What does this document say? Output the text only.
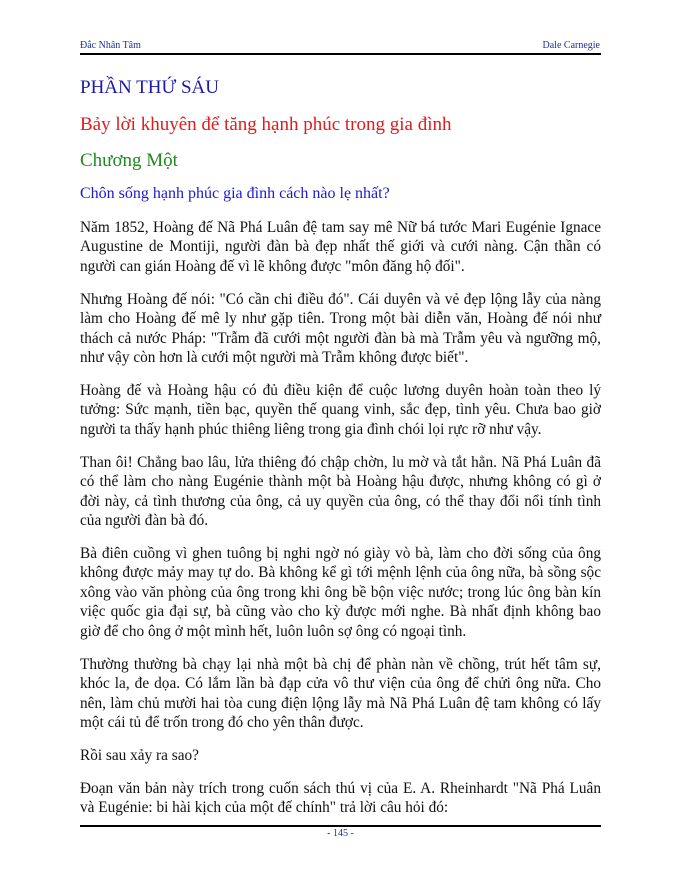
Đắc Nhân Tâm	Dale Carnegie
PHẦN THỨ SÁU
Bảy lời khuyên để tăng hạnh phúc trong gia đình
Chương Một
Chôn sống hạnh phúc gia đình cách nào lẹ nhất?

Năm 1852, Hoàng đế Nã Phá Luân đệ tam say mê Nữ bá tước Mari Eugénie Ignace Augustine de Montiji, người đàn bà đẹp nhất thế giới và cưới nàng. Cận thần có người can gián Hoàng đế vì lẽ không được "môn đăng hộ đối".

Nhưng Hoàng đế nói: "Có cần chi điều đó". Cái duyên và vẻ đẹp lộng lẫy của nàng làm cho Hoàng đế mê ly như gặp tiên. Trong một bài diễn văn, Hoàng đế nói như thách cả nước Pháp: "Trẫm đã cưới một người đàn bà mà Trẫm yêu và ngưỡng mộ, như vậy còn hơn là cưới một người mà Trẫm không được biết".

Hoàng đế và Hoàng hậu có đủ điều kiện để cuộc lương duyên hoàn toàn theo lý tưởng: Sức mạnh, tiền bạc, quyền thế quang vinh, sắc đẹp, tình yêu. Chưa bao giờ người ta thấy hạnh phúc thiêng liêng trong gia đình chói lọi rực rỡ như vậy.

Than ôi! Chẳng bao lâu, lửa thiêng đó chập chờn, lu mờ và tắt hẳn. Nã Phá Luân đã có thể làm cho nàng Eugénie thành một bà Hoàng hậu được, nhưng không có gì ở đời này, cả tình thương của ông, cả uy quyền của ông, có thể thay đổi nổi tính tình của người đàn bà đó.

Bà điên cuồng vì ghen tuông bị nghi ngờ nó giày vò bà, làm cho đời sống của ông không được mảy may tự do. Bà không kể gì tới mệnh lệnh của ông nữa, bà sồng sộc xông vào văn phòng của ông trong khi ông bề bộn việc nước; trong lúc ông bàn kín việc quốc gia đại sự, bà cũng vào cho kỳ được mới nghe. Bà nhất định không bao giờ để cho ông ở một mình hết, luôn luôn sợ ông có ngoại tình.

Thường thường bà chạy lại nhà một bà chị để phàn nàn về chồng, trút hết tâm sự, khóc la, đe dọa. Có lắm lần bà đạp cửa vô thư viện của ông để chửi ông nữa. Cho nên, làm chủ mười hai tòa cung điện lộng lẫy mà Nã Phá Luân đệ tam không có lấy một cái tủ để trốn trong đó cho yên thân được.

Rồi sau xảy ra sao?

Đoạn văn bản này trích trong cuốn sách thú vị của E. A. Rheinhardt "Nã Phá Luân và Eugénie: bi hài kịch của một đế chính" trả lời câu hỏi đó:

- 145 -
